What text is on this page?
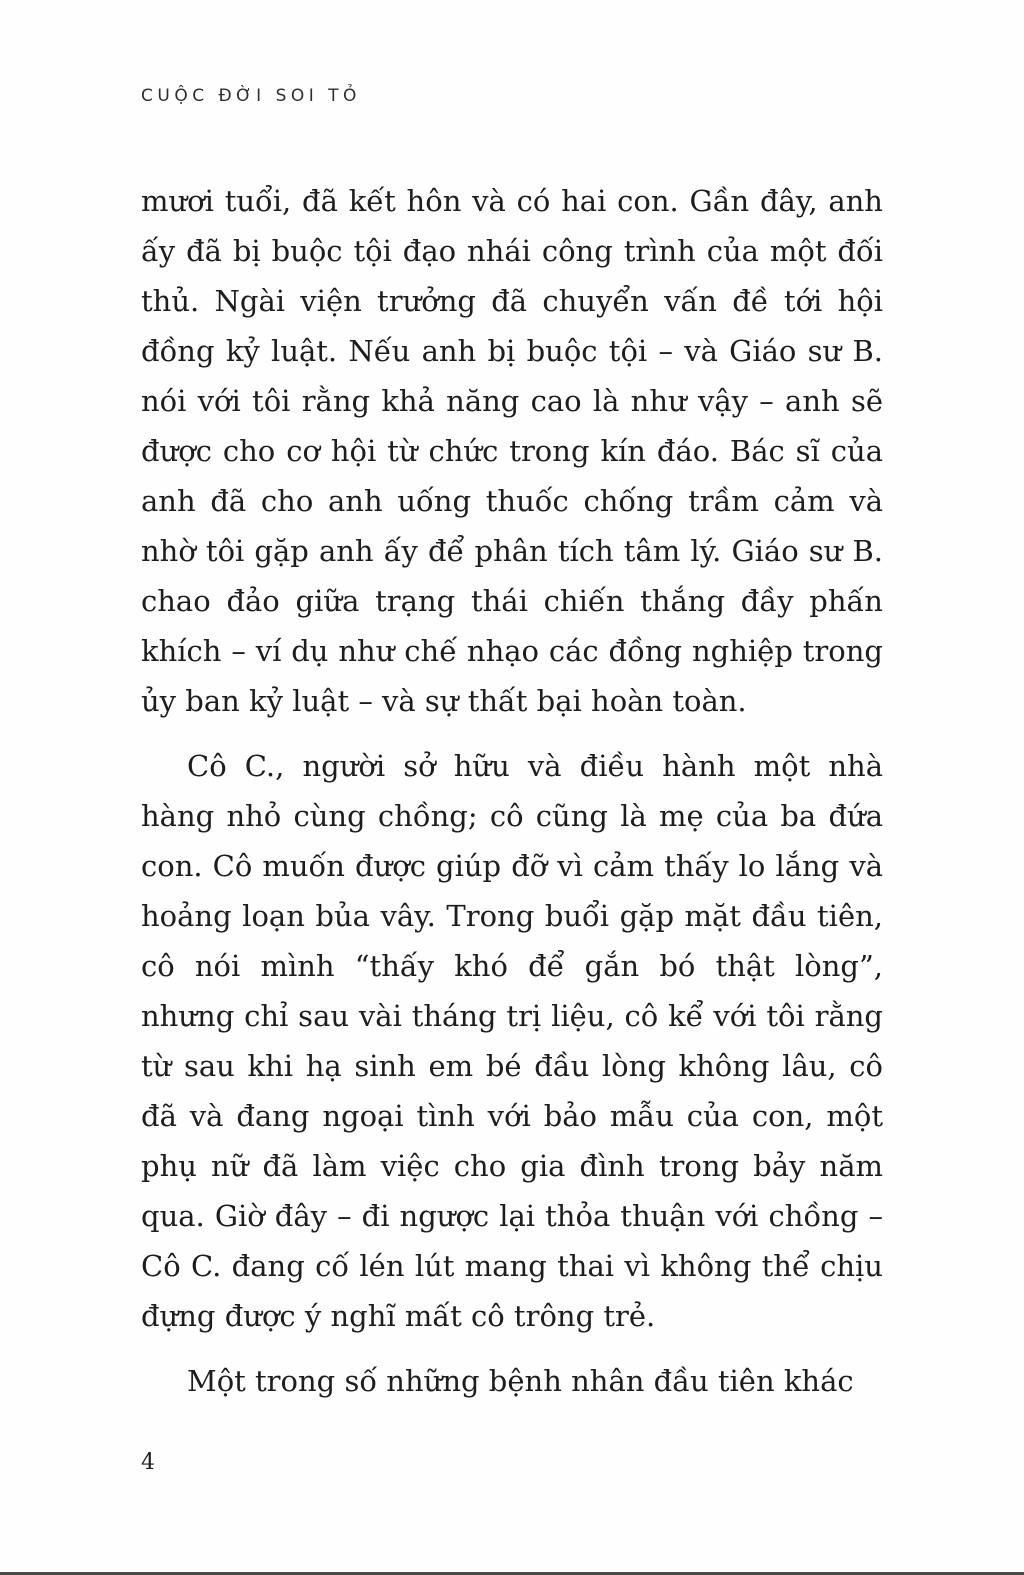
CUỘC ĐỜI SOI TỎ

mươi tuổi, đã kết hôn và có hai con. Gần đây, anh ấy đã bị buộc tội đạo nhái công trình của một đối thủ. Ngài viện trưởng đã chuyển vấn đề tới hội đồng kỷ luật. Nếu anh bị buộc tội – và Giáo sư B. nói với tôi rằng khả năng cao là như vậy – anh sẽ được cho cơ hội từ chức trong kín đáo. Bác sĩ của anh đã cho anh uống thuốc chống trầm cảm và nhờ tôi gặp anh ấy để phân tích tâm lý. Giáo sư B. chao đảo giữa trạng thái chiến thắng đầy phấn khích – ví dụ như chế nhạo các đồng nghiệp trong ủy ban kỷ luật – và sự thất bại hoàn toàn.

Cô C., người sở hữu và điều hành một nhà hàng nhỏ cùng chồng; cô cũng là mẹ của ba đứa con. Cô muốn được giúp đỡ vì cảm thấy lo lắng và hoảng loạn bủa vây. Trong buổi gặp mặt đầu tiên, cô nói mình “thấy khó để gắn bó thật lòng”, nhưng chỉ sau vài tháng trị liệu, cô kể với tôi rằng từ sau khi hạ sinh em bé đầu lòng không lâu, cô đã và đang ngoại tình với bảo mẫu của con, một phụ nữ đã làm việc cho gia đình trong bảy năm qua. Giờ đây – đi ngược lại thỏa thuận với chồng – Cô C. đang cố lén lút mang thai vì không thể chịu đựng được ý nghĩ mất cô trông trẻ.

Một trong số những bệnh nhân đầu tiên khác

4
